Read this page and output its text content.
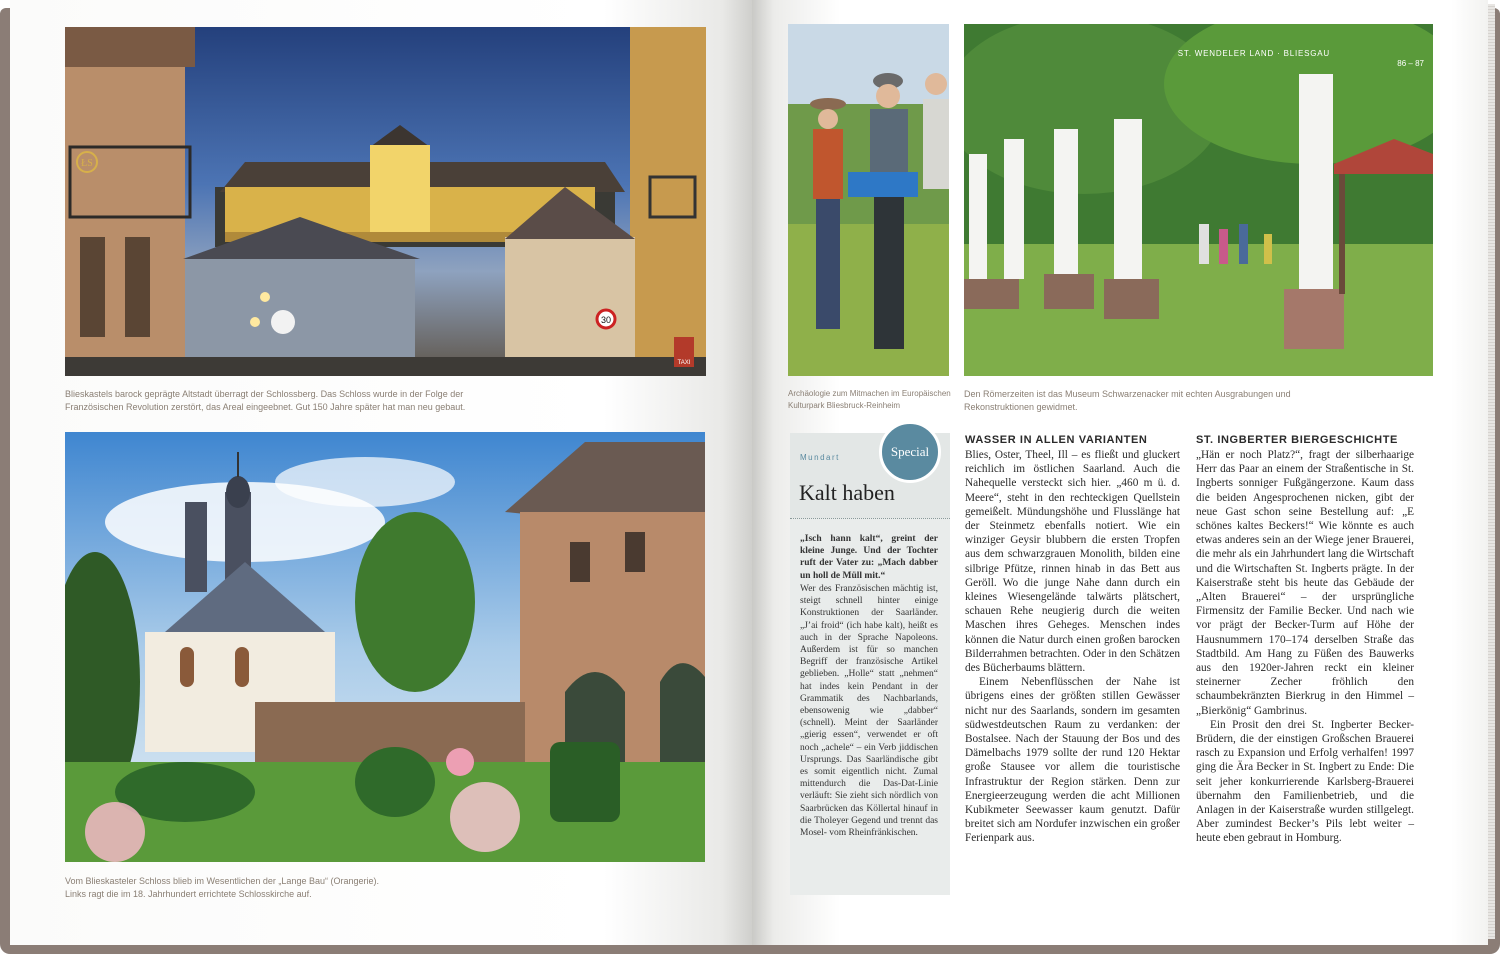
30
TAXI
ŁS
Blieskastels barock geprägte Altstadt überragt der Schlossberg. Das Schloss wurde in der Folge der
Französischen Revolution zerstört, das Areal eingeebnet. Gut 150 Jahre später hat man neu gebaut.
Vom Blieskasteler Schloss blieb im Wesentlichen der „Lange Bau“ (Orangerie).
Links ragt die im 18. Jahrhundert errichtete Schlosskirche auf.
ST. WENDELER LAND · BLIESGAU
86 – 87
Archäologie zum Mitmachen im Europäischen
Kulturpark Bliesbruck-Reinheim
Den Römerzeiten ist das Museum Schwarzenacker mit echten Ausgrabungen und
Rekonstruktionen gewidmet.
Special
Mundart
Kalt haben
„Isch hann kalt“, greint der kleine Junge. Und der Tochter ruft der Vater zu: „Mach dabber un holl de Müll mit.“
Wer des Französischen mächtig ist, steigt schnell hinter einige Konstruktionen der Saarländer. „J’ai froid“ (ich habe kalt), heißt es auch in der Sprache Napoleons. Außerdem ist für so manchen Begriff der französische Artikel geblieben. „Holle“ statt „nehmen“ hat indes kein Pendant in der Grammatik des Nachbarlands, ebensowenig wie „dabber“ (schnell). Meint der Saarländer „gierig essen“, verwendet er oft noch „achele“ – ein Verb jiddischen Ursprungs. Das Saarländische gibt es somit eigentlich nicht. Zumal mittendurch die Das-Dat-Linie verläuft: Sie zieht sich nördlich von Saarbrücken das Köllertal hinauf in die Tholeyer Gegend und trennt das Mosel- vom Rheinfränkischen.
WASSER IN ALLEN VARIANTEN

Blies, Oster, Theel, Ill – es fließt und gluckert reichlich im östlichen Saarland. Auch die Nahequelle versteckt sich hier. „460 m ü. d. Meere“, steht in den rechteckigen Quellstein gemeißelt. Mündungshöhe und Flusslänge hat der Steinmetz ebenfalls notiert. Wie ein winziger Geysir blubbern die ersten Tropfen aus dem schwarzgrauen Monolith, bilden eine silbrige Pfütze, rinnen hinab in das Bett aus Geröll. Wo die junge Nahe dann durch ein kleines Wiesengelände talwärts plätschert, schauen Rehe neugierig durch die weiten Maschen ihres Geheges. Menschen indes können die Natur durch einen großen barocken Bilderrahmen betrachten. Oder in den Schätzen des Bücherbaums blättern.

Einem Nebenflüsschen der Nahe ist übrigens eines der größten stillen Gewässer nicht nur des Saarlands, sondern im gesamten südwestdeutschen Raum zu verdanken: der Bostalsee. Nach der Stauung der Bos und des Dämelbachs 1979 sollte der rund 120 Hektar große Stausee vor allem die touristische Infrastruktur der Region stärken. Denn zur Energieerzeugung werden die acht Millionen Kubikmeter Seewasser kaum genutzt. Dafür breitet sich am Nordufer inzwischen ein großer Ferienpark aus.

ST. INGBERTER BIERGESCHICHTE

„Hän er noch Platz?“, fragt der silberhaarige Herr das Paar an einem der Straßentische in St. Ingberts sonniger Fußgängerzone. Kaum dass die beiden Angesprochenen nicken, gibt der neue Gast schon seine Bestellung auf: „E schönes kaltes Beckers!“ Wie könnte es auch etwas anderes sein an der Wiege jener Brauerei, die mehr als ein Jahrhundert lang die Wirtschaft und die Wirtschaften St. Ingberts prägte. In der Kaiserstraße steht bis heute das Gebäude der „Alten Brauerei“ – der ursprüngliche Firmensitz der Familie Becker. Und nach wie vor prägt der Becker-Turm auf Höhe der Hausnummern 170–174 derselben Straße das Stadtbild. Am Hang zu Füßen des Bauwerks aus den 1920er-Jahren reckt ein kleiner steinerner Zecher fröhlich den schaumbekränzten Bierkrug in den Himmel – „Bierkönig“ Gambrinus.

Ein Prosit den drei St. Ingberter Becker-Brüdern, die der einstigen Großschen Brauerei rasch zu Expansion und Erfolg verhalfen! 1997 ging die Ära Becker in St. Ingbert zu Ende: Die seit jeher konkurrierende Karlsberg-Brauerei übernahm den Familienbetrieb, und die Anlagen in der Kaiserstraße wurden stillgelegt. Aber zumindest Becker’s Pils lebt weiter – heute eben gebraut in Homburg.
